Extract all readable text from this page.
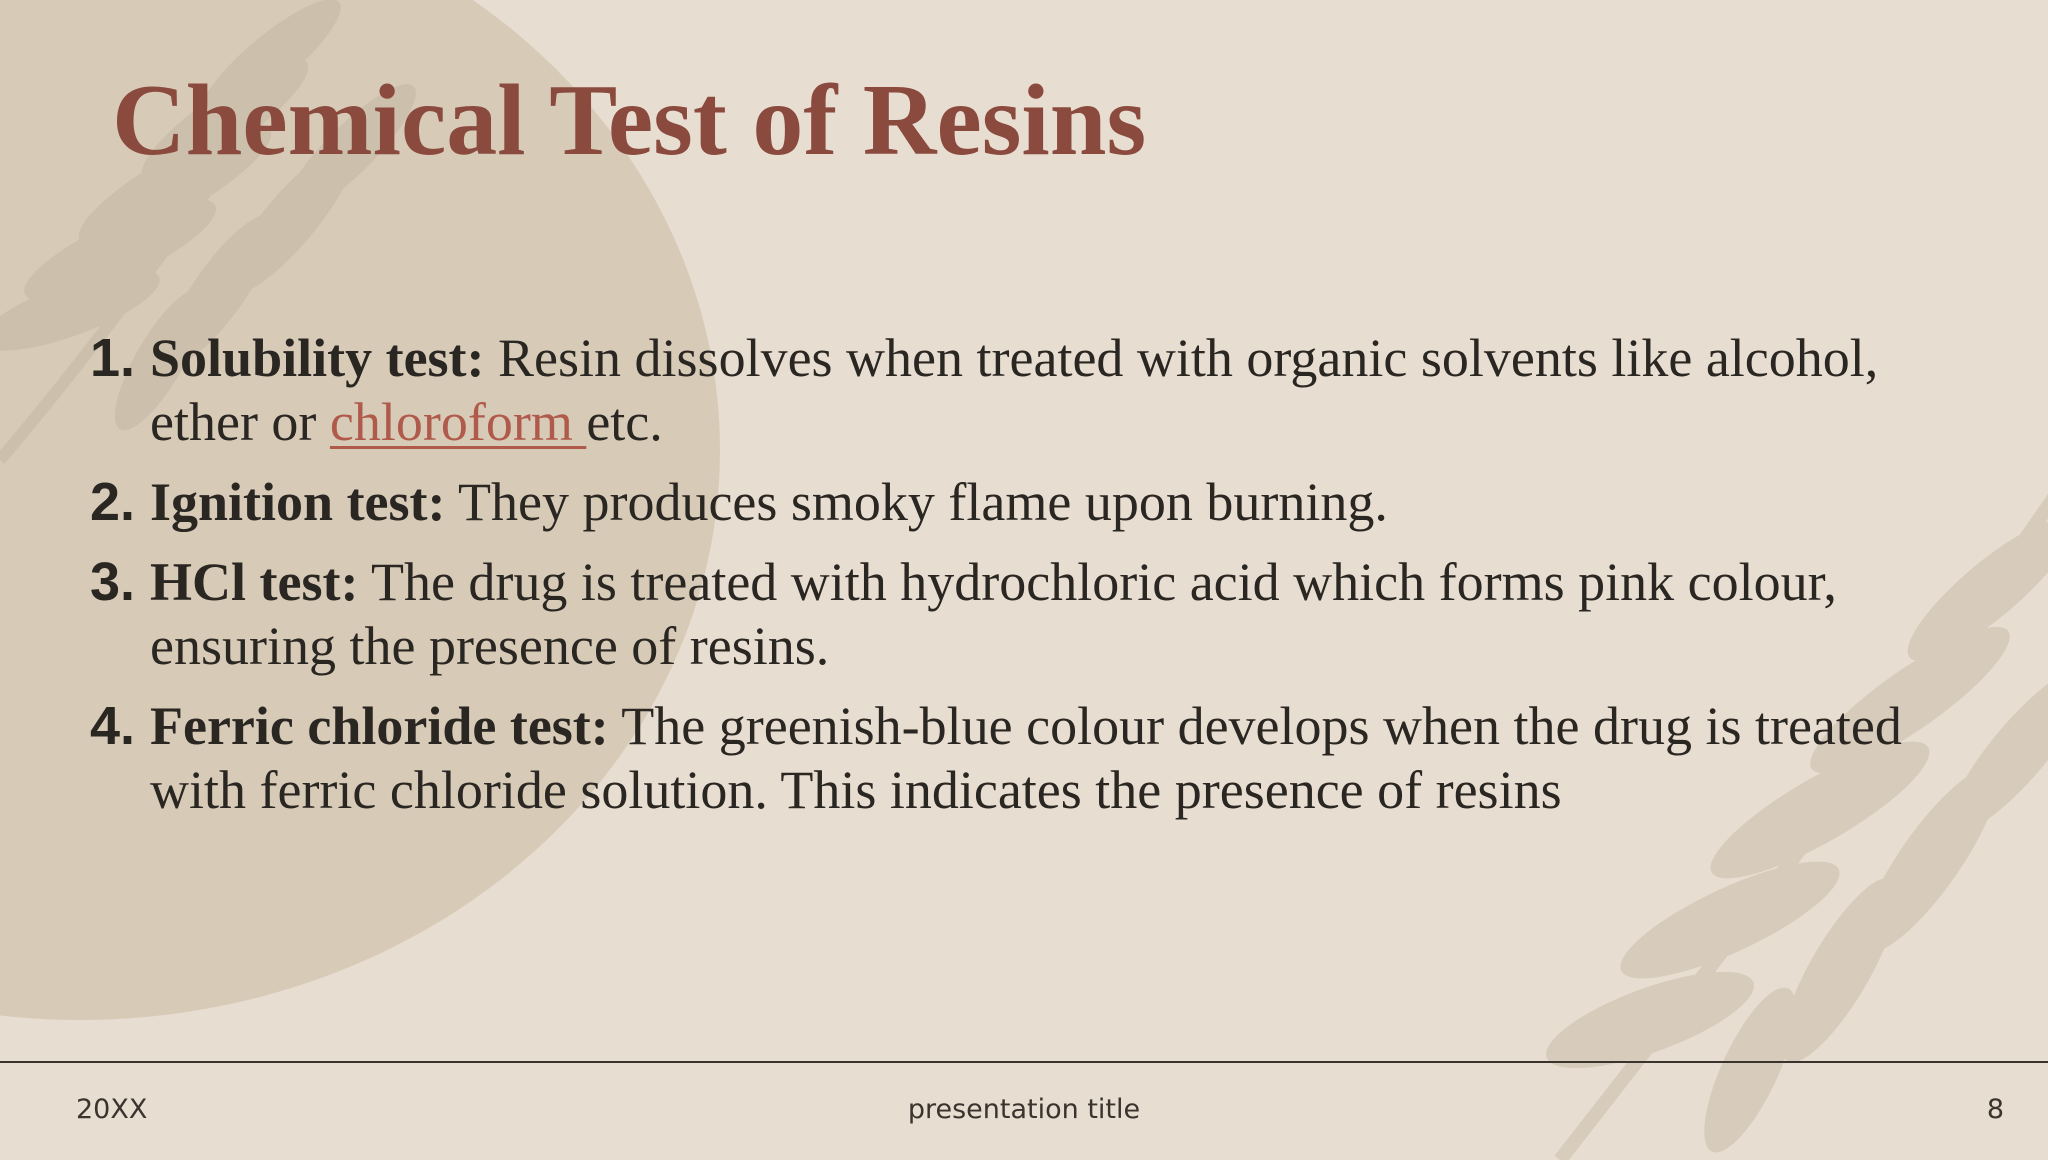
Chemical Test of Resins
1. Solubility test: Resin dissolves when treated with organic solvents like alcohol, ether or chloroform etc.
2. Ignition test: They produces smoky flame upon burning.
3. HCl test: The drug is treated with hydrochloric acid which forms pink colour, ensuring the presence of resins.
4. Ferric chloride test: The greenish-blue colour develops when the drug is treated with ferric chloride solution. This indicates the presence of resins
20XX	presentation title	8
